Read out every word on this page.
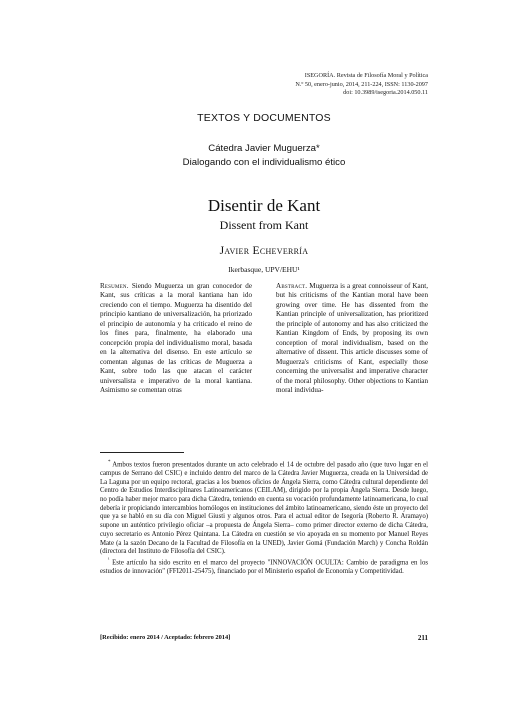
ISEGORÍA. Revista de Filosofía Moral y Política
N.º 50, enero-junio, 2014, 211-224, ISSN: 1130-2097
doi: 10.3989/isegoria.2014.050.11
TEXTOS Y DOCUMENTOS
Cátedra Javier Muguerza*
Dialogando con el individualismo ético
Disentir de Kant
Dissent from Kant
Javier Echeverría
Ikerbasque, UPV/EHU¹
Resumen. Siendo Muguerza un gran conocedor de Kant, sus críticas a la moral kantiana han ido creciendo con el tiempo. Muguerza ha disentido del principio kantiano de universalización, ha priorizado el principio de autonomía y ha criticado el reino de los fines para, finalmente, ha elaborado una concepción propia del individualismo moral, basada en la alternativa del disenso. En este artículo se comentan algunas de las críticas de Muguerza a Kant, sobre todo las que atacan el carácter universalista e imperativo de la moral kantiana. Asimismo se comentan otras
Abstract. Muguerza is a great connoisseur of Kant, but his criticisms of the Kantian moral have been growing over time. He has dissented from the Kantian principle of universalization, has prioritized the principle of autonomy and has also criticized the Kantian Kingdom of Ends, by proposing its own conception of moral individualism, based on the alternative of dissent. This article discusses some of Muguerza's criticisms of Kant, especially those concerning the universalist and imperative character of the moral philosophy. Other objections to Kantian moral individua-

* Ambos textos fueron presentados durante un acto celebrado el 14 de octubre del pasado año (que tuvo lugar en el campus de Serrano del CSIC) e incluido dentro del marco de la Cátedra Javier Muguerza, creada en la Universidad de La Laguna por un equipo rectoral, gracias a los buenos oficios de Ángela Sierra, como Cátedra cultural dependiente del Centro de Estudios Interdisciplinares Latinoamericanos (CEILAM), dirigido por la propia Ángela Sierra. Desde luego, no podía haber mejor marco para dicha Cátedra, teniendo en cuenta su vocación profundamente latinoamericana, lo cual debería ir propiciando intercambios homólogos en instituciones del ámbito latinoamericano, siendo éste un proyecto del que ya se habló en su día con Miguel Giusti y algunos otros. Para el actual editor de Isegoría (Roberto R. Aramayo) supone un auténtico privilegio oficiar –a propuesta de Ángela Sierra– como primer director externo de dicha Cátedra, cuyo secretario es Antonio Pérez Quintana. La Cátedra en cuestión se vio apoyada en su momento por Manuel Reyes Mate (a la sazón Decano de la Facultad de Filosofía en la UNED), Javier Gomá (Fundación March) y Concha Roldán (directora del Instituto de Filosofía del CSIC).

$^{^1}$ Este artículo ha sido escrito en el marco del proyecto "INNOVACIÓN OCULTA: Cambio de paradigma en los estudios de innovación" (FFI2011-25475), financiado por el Ministerio español de Economía y Competitividad.

[Recibido: enero 2014 / Aceptado: febrero 2014]	211
